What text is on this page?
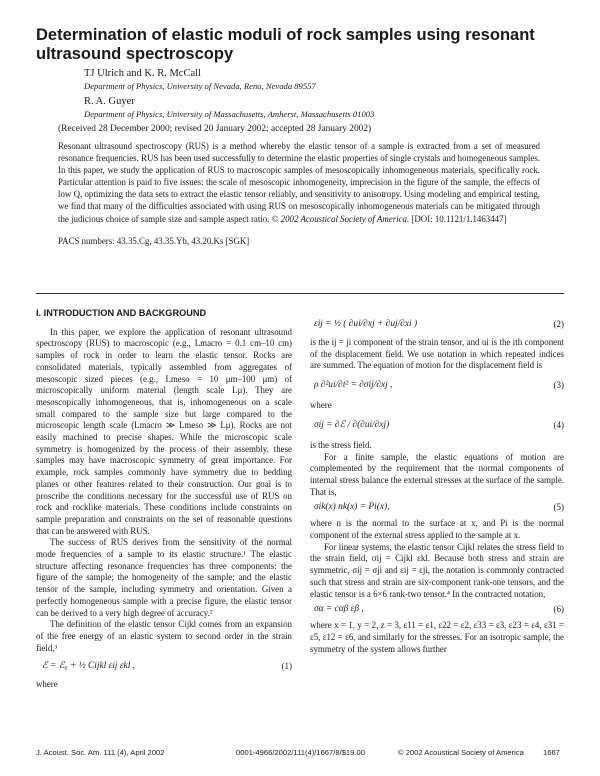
Determination of elastic moduli of rock samples using resonant ultrasound spectroscopy
TJ Ulrich and K. R. McCall
Department of Physics, University of Nevada, Reno, Nevada 89557
R. A. Guyer
Department of Physics, University of Massachusetts, Amherst, Massachusetts 01003
(Received 28 December 2000; revised 20 January 2002; accepted 28 January 2002)
Resonant ultrasound spectroscopy (RUS) is a method whereby the elastic tensor of a sample is extracted from a set of measured resonance frequencies. RUS has been used successfully to determine the elastic properties of single crystals and homogeneous samples. In this paper, we study the application of RUS to macroscopic samples of mesoscopically inhomogeneous materials, specifically rock. Particular attention is paid to five issues: the scale of mesoscopic inhomogeneity, imprecision in the figure of the sample, the effects of low Q, optimizing the data sets to extract the elastic tensor reliably, and sensitivity to anisotropy. Using modeling and empirical testing, we find that many of the difficulties associated with using RUS on mesoscopically inhomogeneous materials can be mitigated through the judicious choice of sample size and sample aspect ratio. © 2002 Acoustical Society of America. [DOI: 10.1121/1.1463447]
PACS numbers: 43.35.Cg, 43.35.Yb, 43.20.Ks [SGK]
I. INTRODUCTION AND BACKGROUND

In this paper, we explore the application of resonant ultrasound spectroscopy (RUS) to macroscopic (e.g., Lmacro = 0.1 cm–10 cm) samples of rock in order to learn the elastic tensor. Rocks are consolidated materials, typically assembled from aggregates of mesoscopic sized pieces (e.g., Lmeso = 10 μm–100 μm) of microscopically uniform material (length scale Lμ). They are mesoscopically inhomogeneous, that is, inhomogeneous on a scale small compared to the sample size but large compared to the microscopic length scale (Lmacro ≫ Lmeso ≫ Lμ). Rocks are not easily machined to precise shapes. While the microscopic scale symmetry is homogenized by the process of their assembly, these samples may have macroscopic symmetry of great importance. For example, rock samples commonly have symmetry due to bedding planes or other features related to their construction. Our goal is to proscribe the conditions necessary for the successful use of RUS on rock and rocklike materials. These conditions include constraints on sample preparation and constraints on the set of reasonable questions that can be answered with RUS.

The success of RUS derives from the sensitivity of the normal mode frequencies of a sample to its elastic structure.¹ The elastic structure affecting resonance frequencies has three components: the figure of the sample; the homogeneity of the sample; and the elastic tensor of the sample, including symmetry and orientation. Given a perfectly homogeneous sample with a precise figure, the elastic tensor can be derived to a very high degree of accuracy.²

The definition of the elastic tensor Cijkl comes from an expansion of the free energy of an elastic system to second order in the strain field,³

ℰ = ℰ₀ + ½ Cijkl εij εkl ,	(1)

where

εij = ½ ( ∂ui/∂xj + ∂uj/∂xi )	(2)

is the ij = ji component of the strain tensor, and ui is the ith component of the displacement field. We use notation in which repeated indices are summed. The equation of motion for the displacement field is

ρ ∂²ui/∂t² = ∂σij/∂xj ,	(3)

where

σij = ∂ℰ / ∂(∂ui/∂xj)	(4)

is the stress field.

For a finite sample, the elastic equations of motion are complemented by the requirement that the normal components of internal stress balance the external stresses at the surface of the sample. That is,

σik(x) nk(x) = Pi(x),	(5)

where n is the normal to the surface at x, and Pi is the normal component of the external stress applied to the sample at x.

For linear systems, the elastic tensor Cijkl relates the stress field to the strain field, σij = Cijkl εkl. Because both stress and strain are symmetric, σij = σji and εij = εji, the notation is commonly contracted such that stress and strain are six-component rank-one tensors, and the elastic tensor is a 6×6 rank-two tensor.⁴ In the contracted notation,

σα = cαβ εβ ,	(6)

where x = 1, y = 2, z = 3, ε11 = ε1, ε22 = ε2, ε33 = ε3, ε23 = ε4, ε31 = ε5, ε12 = ε6, and similarly for the stresses. For an isotropic sample, the symmetry of the system allows further

J. Acoust. Soc. Am. 111 (4), April 2002	0001-4966/2002/111(4)/1667/8/$19.00	© 2002 Acoustical Society of America	1667
